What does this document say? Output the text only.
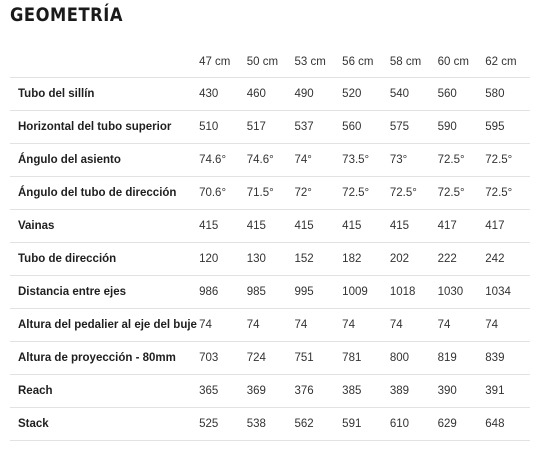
GEOMETRÍA
	47 cm	50 cm	53 cm	56 cm	58 cm	60 cm	62 cm
Tubo del sillín	430	460	490	520	540	560	580
Horizontal del tubo superior	510	517	537	560	575	590	595
Ángulo del asiento	74.6°	74.6°	74°	73.5°	73°	72.5°	72.5°
Ángulo del tubo de dirección	70.6°	71.5°	72°	72.5°	72.5°	72.5°	72.5°
Vainas	415	415	415	415	415	417	417
Tubo de dirección	120	130	152	182	202	222	242
Distancia entre ejes	986	985	995	1009	1018	1030	1034
Altura del pedalier al eje del buje	74	74	74	74	74	74	74
Altura de proyección - 80mm	703	724	751	781	800	819	839
Reach	365	369	376	385	389	390	391
Stack	525	538	562	591	610	629	648
